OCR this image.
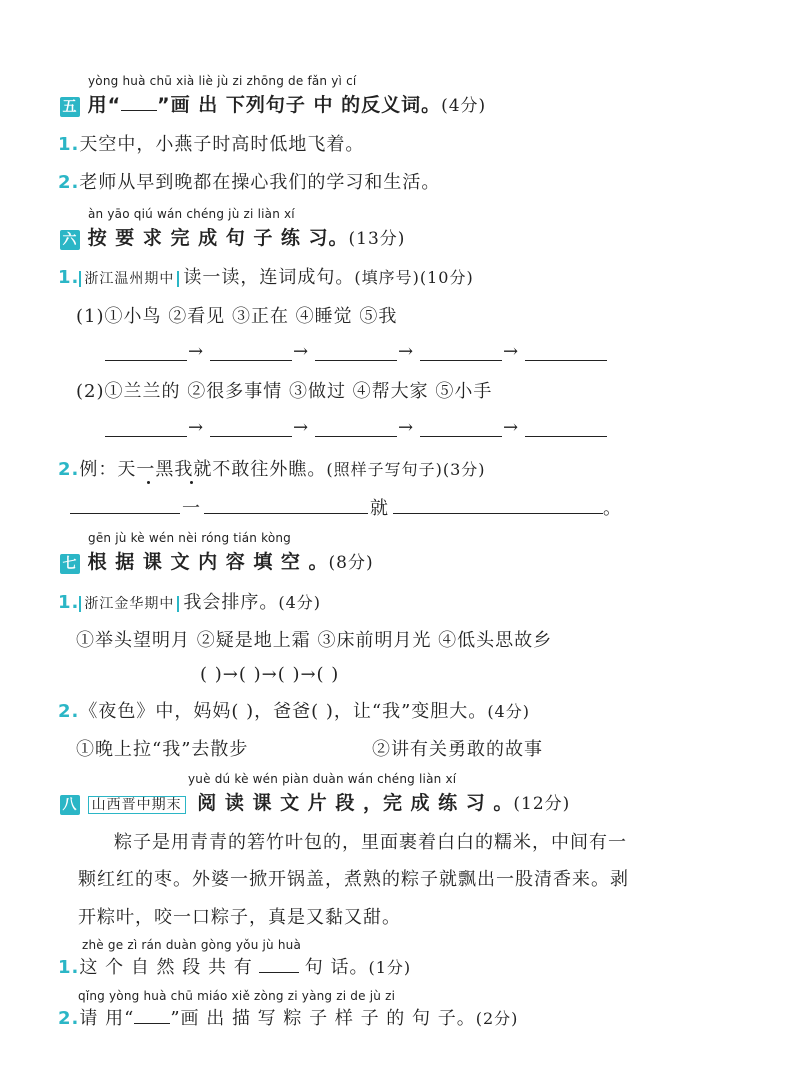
yòng huà chū xià liè jù zi zhōng de fǎn yì cí
五 用“ ”画 出 下列句子 中 的反义词。(4分)
1.天空中，小燕子时高时低地飞着。
2.老师从早到晚都在操心我们的学习和生活。
àn yāo qiú wán chéng jù zi liàn xí
六 按 要 求 完 成 句 子 练 习。(13分)
1. 浙江温州期中 读一读，连词成句。(填序号)(10分)
(1)①小鸟 ②看见 ③正在 ④睡觉 ⑤我
→	→	→	→
(2)①兰兰的 ②很多事情 ③做过 ④帮大家 ⑤小手
→	→	→	→
2.例：天一黑我就不敢往外瞧。(照样子写句子)(3分)
一	就	。
gēn jù kè wén nèi róng tián kòng
七 根 据 课 文 内 容 填 空 。(8分)
1. 浙江金华期中 我会排序。(4分)
①举头望明月 ②疑是地上霜 ③床前明月光 ④低头思故乡
( )→( )→( )→( )
2.《夜色》中，妈妈( )，爸爸( )，让“我”变胆大。(4分)
①晚上拉“我”去散步	②讲有关勇敢的故事
yuè dú kè wén piàn duàn wán chéng liàn xí
八 山西晋中期末 阅 读 课 文 片 段 ，完 成 练 习 。(12分)
粽子是用青青的箬竹叶包的，里面裹着白白的糯米，中间有一
颗红红的枣。外婆一掀开锅盖，煮熟的粽子就飘出一股清香来。剥
开粽叶，咬一口粽子，真是又黏又甜。
zhè ge zì rán duàn gòng yǒu jù huà
1.这 个 自 然 段 共 有	句 话。(1分)
qǐng yòng huà chū miáo xiě zòng zi yàng zi de jù zi
2.请 用“ ”画 出 描 写 粽 子 样 子 的 句 子。(2分)
